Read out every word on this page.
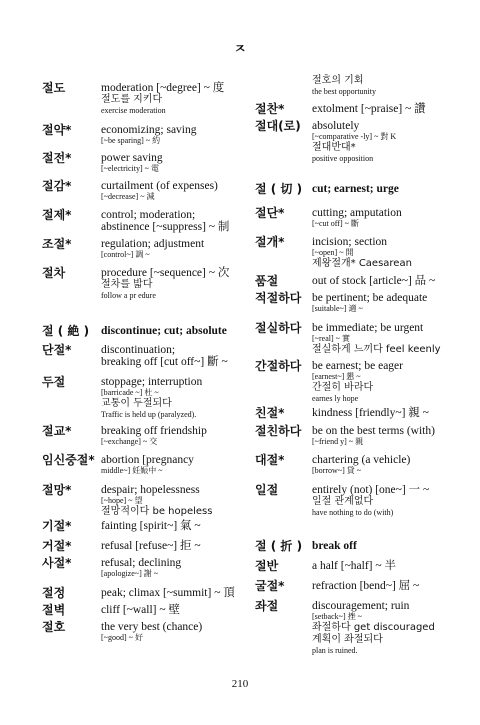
ㅈ
절도	moderation [~degree] ~ 度
절도를 지키다
exercise moderation
절약*	economizing; saving
[~be sparing] ~ 約
절전*	power saving
[~electricity] ~ 電
절감*	curtailment (of expenses)
[~decrease] ~ 減
절제*	control; moderation;
abstinence [~suppress] ~ 制
조절*	regulation; adjustment
[control~] 調 ~
절차	procedure [~sequence] ~ 次
절차를 밟다
follow a pr edure
절 ( 絶 ) discontinue; cut; absolute
단절*	discontinuation;
breaking off [cut off~] 斷 ~
두절	stoppage; interruption
[barricade ~] 杜 ~
교통이 두절되다
Traffic is held up (paralyzed).
절교*	breaking off friendship
[~exchange] ~ 交
임신중절* abortion [pregnancy
middle~] 妊娠中 ~
절망*	despair; hopelessness
[~hope] ~ 望
절망적이다 be hopeless
기절*	fainting [spirit~] 氣 ~
거절*	refusal [refuse~] 拒 ~
사절*	refusal; declining
[apologize~] 謝 ~
절정	peak; climax [~summit] ~ 頂
절벽	cliff [~wall] ~ 壁
절호	the very best (chance)
[~good] ~ 好
절호의 기회
the best opportunity
절찬* extolment [~praise] ~ 讚
절대(로) absolutely
[~comparative -ly] ~ 對 K
절대반대*
positive opposition
절 ( 切 ) cut; earnest; urge
절단* cutting; amputation
[~cut off] ~ 斷
절개* incision; section
[~open] ~ 開
제왕절개* Caesarean
품절	out of stock [article~] 品 ~
적절하다 be pertinent; be adequate
[suitable~] 適 ~
절실하다 be immediate; be urgent
[~real] ~ 實
절실하게 느끼다 feel keenly
간절하다 be earnest; be eager
[earnest~] 懇 ~
간절히 바라다
earnes ly hope
친절* kindness [friendly~] 親 ~
절친하다 be on the best terms (with)
[~friend y] ~ 親
대절* chartering (a vehicle)
[borrow~] 貸 ~
일절	entirely (not) [one~] 一 ~
일절 관계없다
have nothing to do (with)
절 ( 折 ) break off
절반	a half [~half] ~ 半
굴절* refraction [bend~] 屈 ~
좌절	discouragement; ruin
[setback~] 挫 ~
좌절하다 get discouraged
계획이 좌절되다
plan is ruined.
210
